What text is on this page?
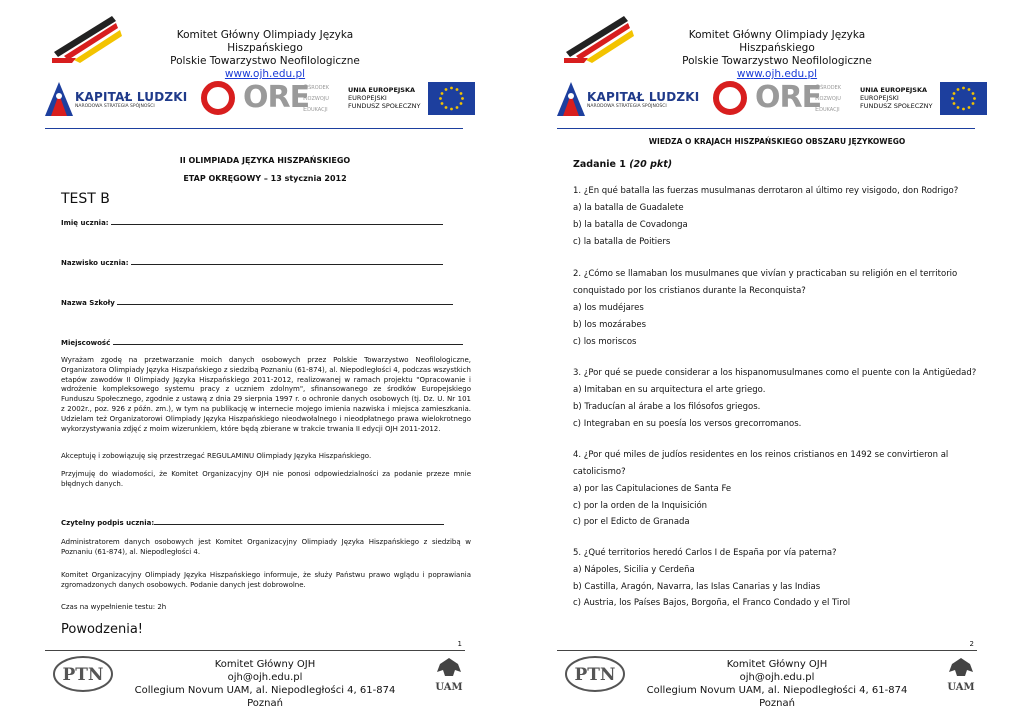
Komitet Główny Olimpiady Języka Hiszpańskiego
Polskie Towarzystwo Neofilologiczne
www.ojh.edu.pl
KAPITAŁ LUDZKI
NARODOWA STRATEGIA SPÓJNOŚCI	ORE
Ośrodek
Rozwoju
Edukacji
UNIA EUROPEJSKA
EUROPEJSKI
FUNDUSZ SPOŁECZNY
II OLIMPIADA JĘZYKA HISZPAŃSKIEGO
ETAP OKRĘGOWY – 13 stycznia 2012
TEST B
Imię ucznia:
Nazwisko ucznia:
Nazwa Szkoły
Miejscowość
Wyrażam zgodę na przetwarzanie moich danych osobowych przez Polskie Towarzystwo Neofilologiczne, Organizatora Olimpiady Języka Hiszpańskiego z siedzibą Poznaniu (61-874), al. Niepodległości 4, podczas wszystkich etapów zawodów II Olimpiady Języka Hiszpańskiego 2011-2012, realizowanej w ramach projektu "Opracowanie i wdrożenie kompleksowego systemu pracy z uczniem zdolnym", sfinansowanego ze środków Europejskiego Funduszu Społecznego, zgodnie z ustawą z dnia 29 sierpnia 1997 r. o ochronie danych osobowych (tj. Dz. U. Nr 101 z 2002r., poz. 926 z późn. zm.), w tym na publikację w internecie mojego imienia nazwiska i miejsca zamieszkania. Udzielam też Organizatorowi Olimpiady Języka Hiszpańskiego nieodwołalnego i nieodpłatnego prawa wielokrotnego wykorzystywania zdjęć z moim wizerunkiem, które będą zbierane w trakcie trwania II edycji OJH 2011-2012.
Akceptuję i zobowiązuję się przestrzegać REGULAMINU Olimpiady Języka Hiszpańskiego.
Przyjmuję do wiadomości, że Komitet Organizacyjny OJH nie ponosi odpowiedzialności za podanie przeze mnie błędnych danych.
Czytelny podpis ucznia:
Administratorem danych osobowych jest Komitet Organizacyjny Olimpiady Języka Hiszpańskiego z siedzibą w Poznaniu (61-874), al. Niepodległości 4.
Komitet Organizacyjny Olimpiady Języka Hiszpańskiego informuje, że służy Państwu prawo wglądu i poprawiania zgromadzonych danych osobowych. Podanie danych jest dobrowolne.
Czas na wypełnienie testu: 2h
Powodzenia!
1
PTN
Komitet Główny OJH
ojh@ojh.edu.pl
Collegium Novum UAM, al. Niepodległości 4, 61-874 Poznań
UAM
Komitet Główny Olimpiady Języka Hiszpańskiego
Polskie Towarzystwo Neofilologiczne
www.ojh.edu.pl
KAPITAŁ LUDZKI
NARODOWA STRATEGIA SPÓJNOŚCI	ORE
Ośrodek
Rozwoju
Edukacji
UNIA EUROPEJSKA
EUROPEJSKI
FUNDUSZ SPOŁECZNY
WIEDZA O KRAJACH HISZPAŃSKIEGO OBSZARU JĘZYKOWEGO
Zadanie 1 (20 pkt)
1. ¿En qué batalla las fuerzas musulmanas derrotaron al último rey visigodo, don Rodrigo?
a) la batalla de Guadalete
b) la batalla de Covadonga
c) la batalla de Poitiers
2. ¿Cómo se llamaban los musulmanes que vivían y practicaban su religión en el territorio
conquistado por los cristianos durante la Reconquista?
a) los mudéjares
b) los mozárabes
c) los moriscos
3. ¿Por qué se puede considerar a los hispanomusulmanes como el puente con la Antigüedad?
a) Imitaban en su arquitectura el arte griego.
b) Traducían al árabe a los filósofos griegos.
c) Integraban en su poesía los versos grecorromanos.
4. ¿Por qué miles de judíos residentes en los reinos cristianos en 1492 se convirtieron al
catolicismo?
a) por las Capitulaciones de Santa Fe
c) por la orden de la Inquisición
c) por el Edicto de Granada
5. ¿Qué territorios heredó Carlos I de España por vía paterna?
a) Nápoles, Sicilia y Cerdeña
b) Castilla, Aragón, Navarra, las Islas Canarias y las Indias
c) Austria, los Países Bajos, Borgoña, el Franco Condado y el Tirol
2
PTN
Komitet Główny OJH
ojh@ojh.edu.pl
Collegium Novum UAM, al. Niepodległości 4, 61-874 Poznań
UAM
